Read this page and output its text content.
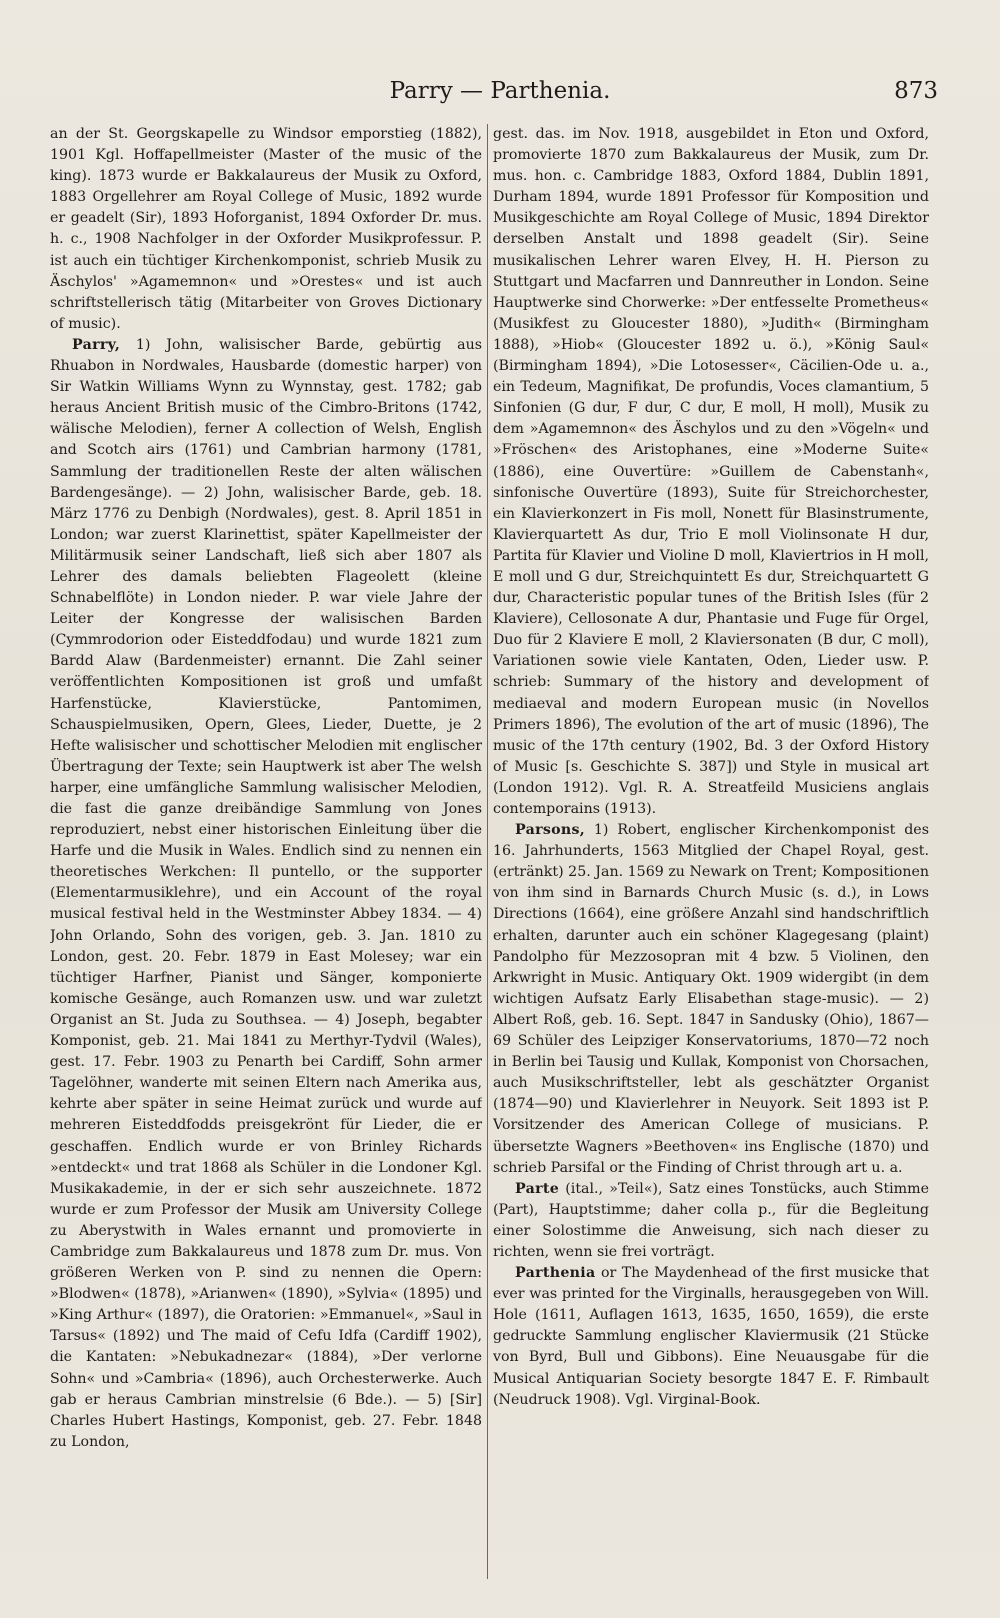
Parry — Parthenia.	873

an der St. Georgskapelle zu Windsor emporstieg (1882), 1901 Kgl. Hoffapellmeister (Master of the music of the king). 1873 wurde er Bakkalaureus der Musik zu Oxford, 1883 Orgellehrer am Royal College of Music, 1892 wurde er geadelt (Sir), 1893 Hoforganist, 1894 Oxforder Dr. mus. h. c., 1908 Nachfolger in der Oxforder Musikprofessur. P. ist auch ein tüchtiger Kirchenkomponist, schrieb Musik zu Äschylos' »Agamemnon« und »Orestes« und ist auch schriftstellerisch tätig (Mitarbeiter von Groves Dictionary of music).

Parry, 1) John, walisischer Barde, gebürtig aus Rhuabon in Nordwales, Hausbarde (domestic harper) von Sir Watkin Williams Wynn zu Wynnstay, gest. 1782; gab heraus Ancient British music of the Cimbro-Britons (1742, wälische Melodien), ferner A collection of Welsh, English and Scotch airs (1761) und Cambrian harmony (1781, Sammlung der traditionellen Reste der alten wälischen Bardengesänge). — 2) John, walisischer Barde, geb. 18. März 1776 zu Denbigh (Nordwales), gest. 8. April 1851 in London; war zuerst Klarinettist, später Kapellmeister der Militärmusik seiner Landschaft, ließ sich aber 1807 als Lehrer des damals beliebten Flageolett (kleine Schnabelflöte) in London nieder. P. war viele Jahre der Leiter der Kongresse der walisischen Barden (Cymmrodorion oder Eisteddfodau) und wurde 1821 zum Bardd Alaw (Bardenmeister) ernannt. Die Zahl seiner veröffentlichten Kompositionen ist groß und umfaßt Harfenstücke, Klavierstücke, Pantomimen, Schauspielmusiken, Opern, Glees, Lieder, Duette, je 2 Hefte walisischer und schottischer Melodien mit englischer Übertragung der Texte; sein Hauptwerk ist aber The welsh harper, eine umfängliche Sammlung walisischer Melodien, die fast die ganze dreibändige Sammlung von Jones reproduziert, nebst einer historischen Einleitung über die Harfe und die Musik in Wales. Endlich sind zu nennen ein theoretisches Werkchen: Il puntello, or the supporter (Elementarmusiklehre), und ein Account of the royal musical festival held in the Westminster Abbey 1834. — 4) John Orlando, Sohn des vorigen, geb. 3. Jan. 1810 zu London, gest. 20. Febr. 1879 in East Molesey; war ein tüchtiger Harfner, Pianist und Sänger, komponierte komische Gesänge, auch Romanzen usw. und war zuletzt Organist an St. Juda zu Southsea. — 4) Joseph, begabter Komponist, geb. 21. Mai 1841 zu Merthyr-Tydvil (Wales), gest. 17. Febr. 1903 zu Penarth bei Cardiff, Sohn armer Tagelöhner, wanderte mit seinen Eltern nach Amerika aus, kehrte aber später in seine Heimat zurück und wurde auf mehreren Eisteddfodds preisgekrönt für Lieder, die er geschaffen. Endlich wurde er von Brinley Richards »entdeckt« und trat 1868 als Schüler in die Londoner Kgl. Musikakademie, in der er sich sehr auszeichnete. 1872 wurde er zum Professor der Musik am University College zu Aberystwith in Wales ernannt und promovierte in Cambridge zum Bakkalaureus und 1878 zum Dr. mus. Von größeren Werken von P. sind zu nennen die Opern: »Blodwen« (1878), »Arianwen« (1890), »Sylvia« (1895) und »King Arthur« (1897), die Oratorien: »Emmanuel«, »Saul in Tarsus« (1892) und The maid of Cefu Idfa (Cardiff 1902), die Kantaten: »Nebukadnezar« (1884), »Der verlorne Sohn« und »Cambria« (1896), auch Orchesterwerke. Auch gab er heraus Cambrian minstrelsie (6 Bde.). — 5) [Sir] Charles Hubert Hastings, Komponist, geb. 27. Febr. 1848 zu London,

gest. das. im Nov. 1918, ausgebildet in Eton und Oxford, promovierte 1870 zum Bakkalaureus der Musik, zum Dr. mus. hon. c. Cambridge 1883, Oxford 1884, Dublin 1891, Durham 1894, wurde 1891 Professor für Komposition und Musikgeschichte am Royal College of Music, 1894 Direktor derselben Anstalt und 1898 geadelt (Sir). Seine musikalischen Lehrer waren Elvey, H. H. Pierson zu Stuttgart und Macfarren und Dannreuther in London. Seine Hauptwerke sind Chorwerke: »Der entfesselte Prometheus« (Musikfest zu Gloucester 1880), »Judith« (Birmingham 1888), »Hiob« (Gloucester 1892 u. ö.), »König Saul« (Birmingham 1894), »Die Lotosesser«, Cäcilien-Ode u. a., ein Tedeum, Magnifikat, De profundis, Voces clamantium, 5 Sinfonien (G dur, F dur, C dur, E moll, H moll), Musik zu dem »Agamemnon« des Äschylos und zu den »Vögeln« und »Fröschen« des Aristophanes, eine »Moderne Suite« (1886), eine Ouvertüre: »Guillem de Cabenstanh«, sinfonische Ouvertüre (1893), Suite für Streichorchester, ein Klavierkonzert in Fis moll, Nonett für Blasinstrumente, Klavierquartett As dur, Trio E moll Violinsonate H dur, Partita für Klavier und Violine D moll, Klaviertrios in H moll, E moll und G dur, Streichquintett Es dur, Streichquartett G dur, Characteristic popular tunes of the British Isles (für 2 Klaviere), Cellosonate A dur, Phantasie und Fuge für Orgel, Duo für 2 Klaviere E moll, 2 Klaviersonaten (B dur, C moll), Variationen sowie viele Kantaten, Oden, Lieder usw. P. schrieb: Summary of the history and development of mediaeval and modern European music (in Novellos Primers 1896), The evolution of the art of music (1896), The music of the 17th century (1902, Bd. 3 der Oxford History of Music [s. Geschichte S. 387]) und Style in musical art (London 1912). Vgl. R. A. Streatfeild Musiciens anglais contemporains (1913).

Parsons, 1) Robert, englischer Kirchenkomponist des 16. Jahrhunderts, 1563 Mitglied der Chapel Royal, gest. (ertränkt) 25. Jan. 1569 zu Newark on Trent; Kompositionen von ihm sind in Barnards Church Music (s. d.), in Lows Directions (1664), eine größere Anzahl sind handschriftlich erhalten, darunter auch ein schöner Klagegesang (plaint) Pandolpho für Mezzosopran mit 4 bzw. 5 Violinen, den Arkwright in Music. Antiquary Okt. 1909 widergibt (in dem wichtigen Aufsatz Early Elisabethan stage-music). — 2) Albert Roß, geb. 16. Sept. 1847 in Sandusky (Ohio), 1867—69 Schüler des Leipziger Konservatoriums, 1870—72 noch in Berlin bei Tausig und Kullak, Komponist von Chorsachen, auch Musikschriftsteller, lebt als geschätzter Organist (1874—90) und Klavierlehrer in Neuyork. Seit 1893 ist P. Vorsitzender des American College of musicians. P. übersetzte Wagners »Beethoven« ins Englische (1870) und schrieb Parsifal or the Finding of Christ through art u. a.

Parte (ital., »Teil«), Satz eines Tonstücks, auch Stimme (Part), Hauptstimme; daher colla p., für die Begleitung einer Solostimme die Anweisung, sich nach dieser zu richten, wenn sie frei vorträgt.

Parthenia or The Maydenhead of the first musicke that ever was printed for the Virginalls, herausgegeben von Will. Hole (1611, Auflagen 1613, 1635, 1650, 1659), die erste gedruckte Sammlung englischer Klaviermusik (21 Stücke von Byrd, Bull und Gibbons). Eine Neuausgabe für die Musical Antiquarian Society besorgte 1847 E. F. Rimbault (Neudruck 1908). Vgl. Virginal-Book.
